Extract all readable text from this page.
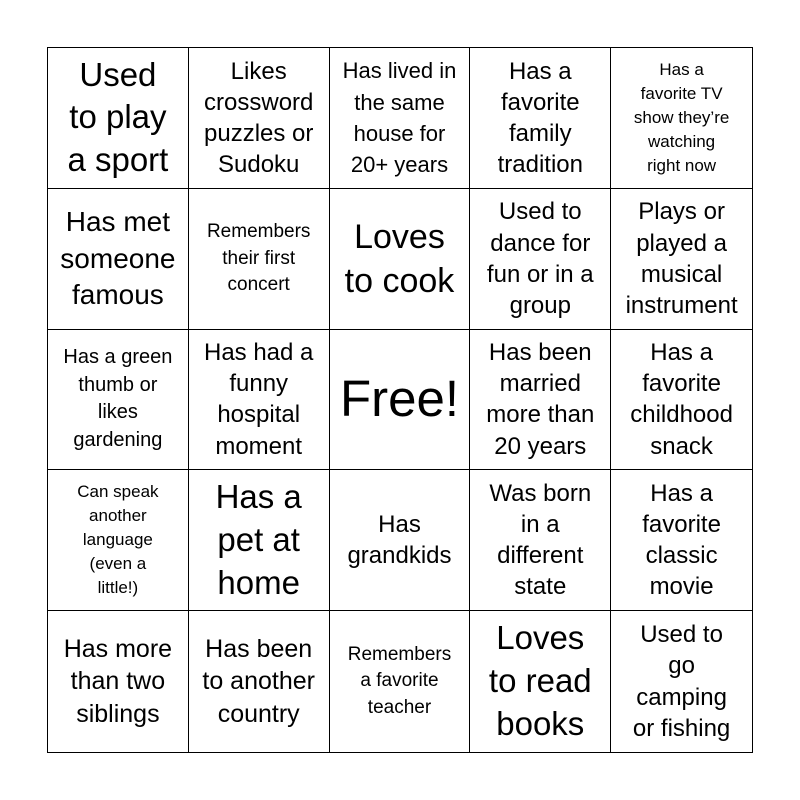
Used
to play
a sport
Likes
crossword
puzzles or
Sudoku
Has lived in
the same
house for
20+ years
Has a
favorite
family
tradition
Has a
favorite TV
show they’re
watching
right now
Has met
someone
famous
Remembers
their first
concert
Loves
to cook
Used to
dance for
fun or in a
group
Plays or
played a
musical
instrument
Has a green
thumb or
likes
gardening
Has had a
funny
hospital
moment
Free!
Has been
married
more than
20 years
Has a
favorite
childhood
snack
Can speak
another
language
(even a
little!)
Has a
pet at
home
Has
grandkids
Was born
in a
different
state
Has a
favorite
classic
movie
Has more
than two
siblings
Has been
to another
country
Remembers
a favorite
teacher
Loves
to read
books
Used to
go
camping
or fishing
